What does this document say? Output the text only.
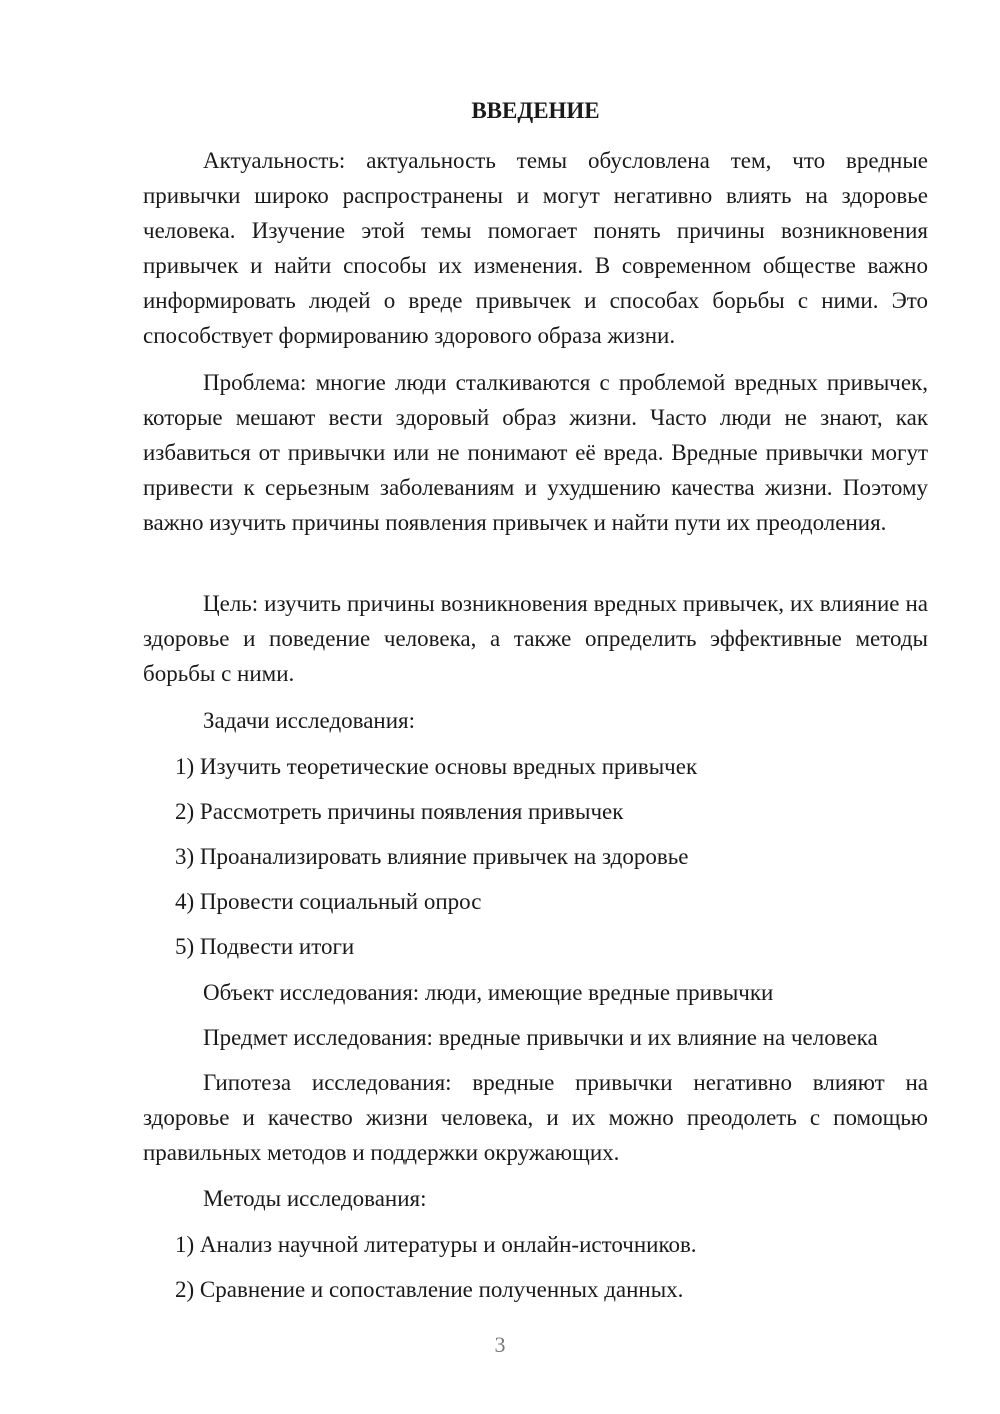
ВВЕДЕНИЕ

Актуальность: актуальность темы обусловлена тем, что вредные привычки широко распространены и могут негативно влиять на здоровье человека. Изучение этой темы помогает понять причины возникновения привычек и найти способы их изменения. В современном обществе важно информировать людей о вреде привычек и способах борьбы с ними. Это способствует формированию здорового образа жизни.

Проблема: многие люди сталкиваются с проблемой вредных привычек, которые мешают вести здоровый образ жизни. Часто люди не знают, как избавиться от привычки или не понимают её вреда. Вредные привычки могут привести к серьезным заболеваниям и ухудшению качества жизни. Поэтому важно изучить причины появления привычек и найти пути их преодоления.

Цель: изучить причины возникновения вредных привычек, их влияние на здоровье и поведение человека, а также определить эффективные методы борьбы с ними.

Задачи исследования:

1) Изучить теоретические основы вредных привычек

2) Рассмотреть причины появления привычек

3) Проанализировать влияние привычек на здоровье

4) Провести социальный опрос

5) Подвести итоги

Объект исследования: люди, имеющие вредные привычки

Предмет исследования: вредные привычки и их влияние на человека

Гипотеза исследования: вредные привычки негативно влияют на здоровье и качество жизни человека, и их можно преодолеть с помощью правильных методов и поддержки окружающих.

Методы исследования:

1) Анализ научной литературы и онлайн-источников.

2) Сравнение и сопоставление полученных данных.

3
